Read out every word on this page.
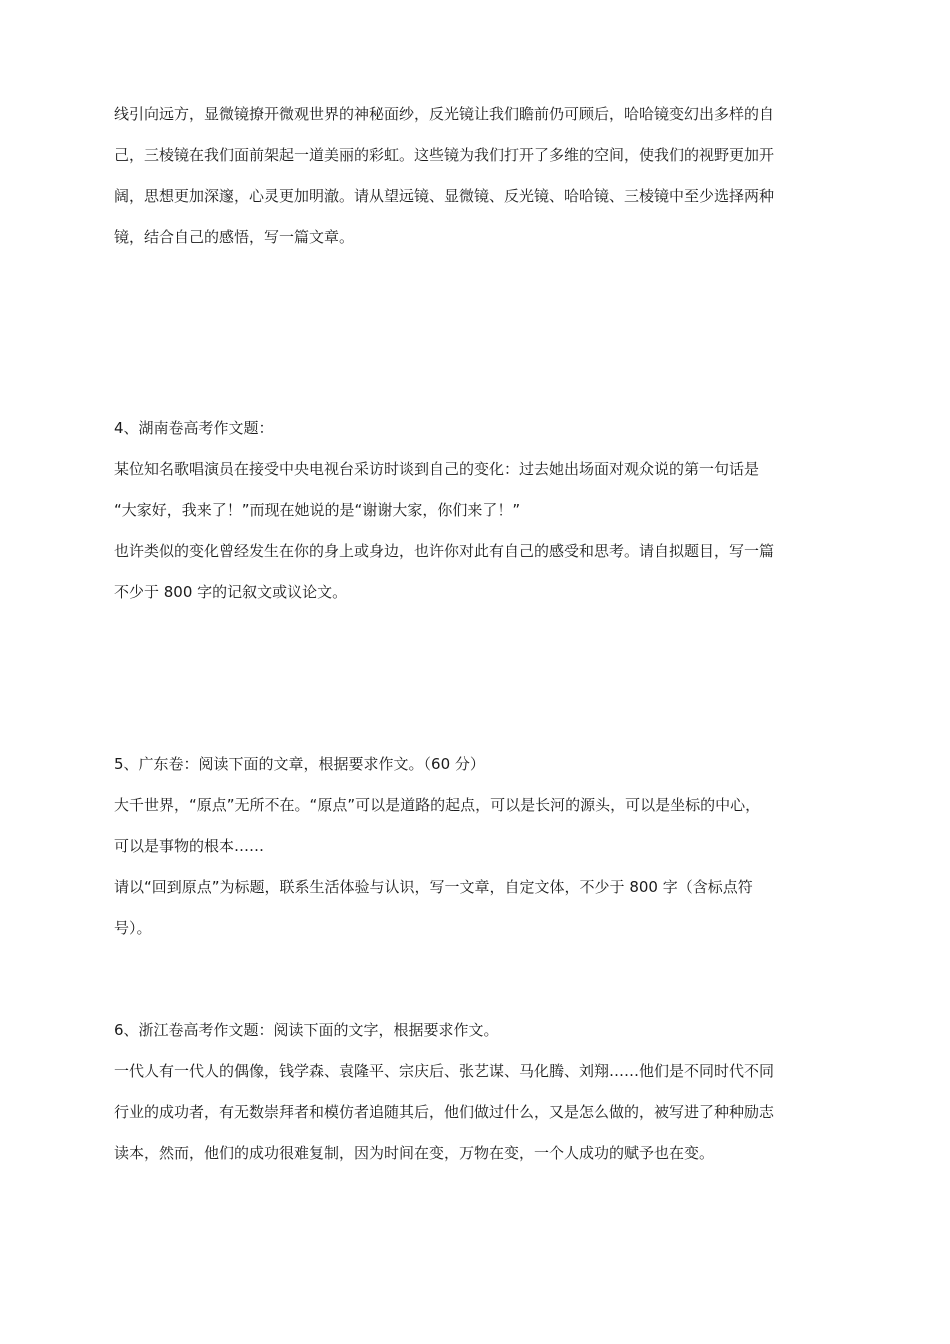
线引向远方，显微镜撩开微观世界的神秘面纱，反光镜让我们瞻前仍可顾后，哈哈镜变幻出多样的自

己，三棱镜在我们面前架起一道美丽的彩虹。这些镜为我们打开了多维的空间，使我们的视野更加开

阔，思想更加深邃，心灵更加明澈。请从望远镜、显微镜、反光镜、哈哈镜、三棱镜中至少选择两种

镜，结合自己的感悟，写一篇文章。

4、湖南卷高考作文题：

某位知名歌唱演员在接受中央电视台采访时谈到自己的变化：过去她出场面对观众说的第一句话是

“大家好，我来了！”而现在她说的是“谢谢大家，你们来了！”

也许类似的变化曾经发生在你的身上或身边，也许你对此有自己的感受和思考。请自拟题目，写一篇

不少于 800 字的记叙文或议论文。

5、广东卷：阅读下面的文章，根据要求作文。（60 分）

大千世界，“原点”无所不在。“原点”可以是道路的起点，可以是长河的源头，可以是坐标的中心，

可以是事物的根本……

请以“回到原点”为标题，联系生活体验与认识，写一文章，自定文体，不少于 800 字（含标点符

号）。

6、浙江卷高考作文题：阅读下面的文字，根据要求作文。

一代人有一代人的偶像，钱学森、袁隆平、宗庆后、张艺谋、马化腾、刘翔……他们是不同时代不同

行业的成功者，有无数崇拜者和模仿者追随其后，他们做过什么，又是怎么做的，被写进了种种励志

读本，然而，他们的成功很难复制，因为时间在变，万物在变，一个人成功的赋予也在变。
